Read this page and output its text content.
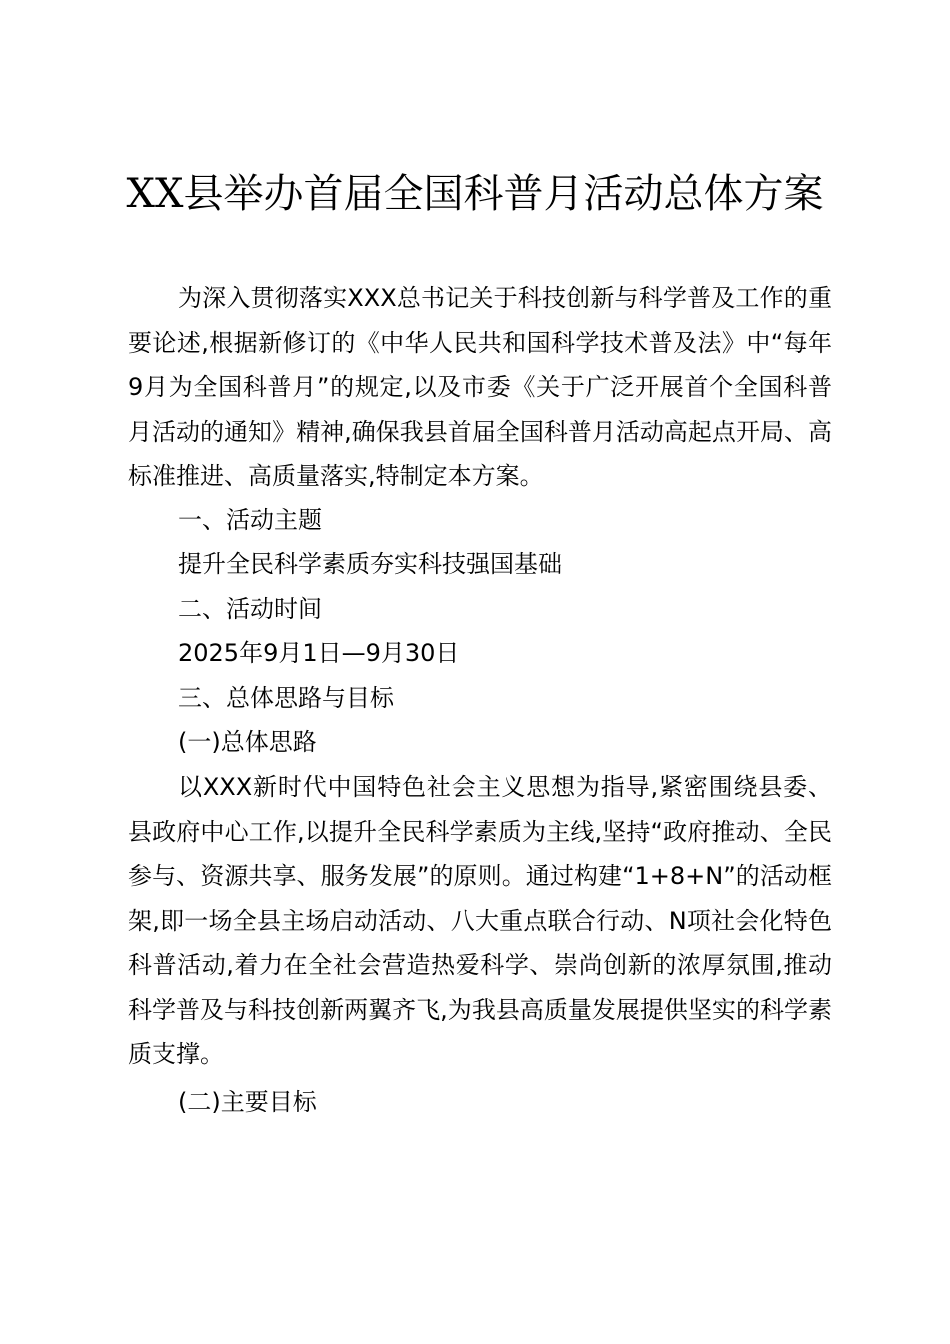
XX县举办首届全国科普月活动总体方案

为深入贯彻落实XXX总书记关于科技创新与科学普及工作的重要论述,根据新修订的《中华人民共和国科学技术普及法》中“每年9月为全国科普月”的规定,以及市委《关于广泛开展首个全国科普月活动的通知》精神,确保我县首届全国科普月活动高起点开局、高标准推进、高质量落实,特制定本方案。

一、活动主题

提升全民科学素质夯实科技强国基础

二、活动时间

2025年9月1日—9月30日

三、总体思路与目标

(一)总体思路

以XXX新时代中国特色社会主义思想为指导,紧密围绕县委、县政府中心工作,以提升全民科学素质为主线,坚持“政府推动、全民参与、资源共享、服务发展”的原则。通过构建“1+8+N”的活动框架,即一场全县主场启动活动、八大重点联合行动、N项社会化特色科普活动,着力在全社会营造热爱科学、崇尚创新的浓厚氛围,推动科学普及与科技创新两翼齐飞,为我县高质量发展提供坚实的科学素质支撑。

(二)主要目标
